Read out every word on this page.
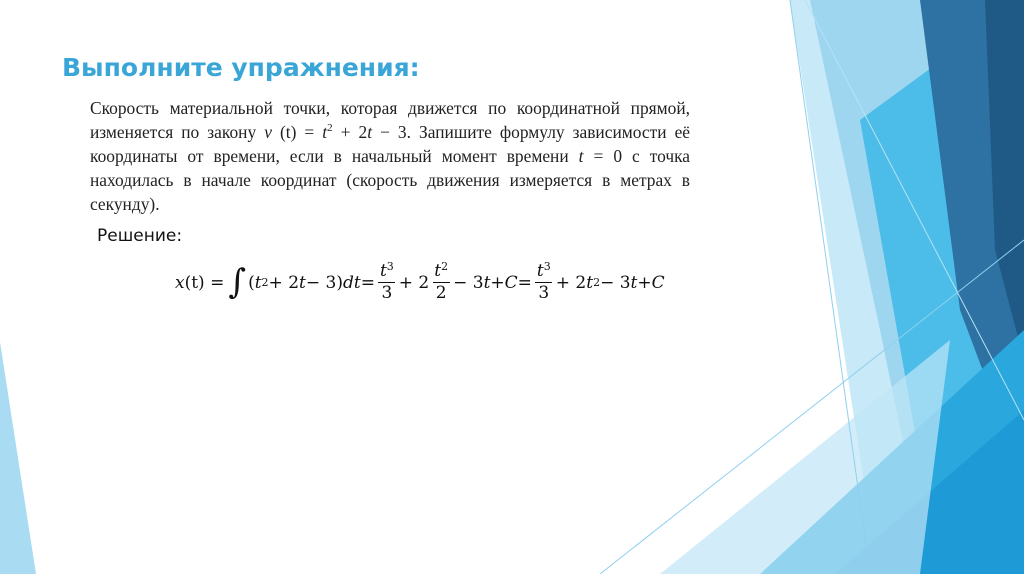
Выполните упражнения:

Скорость материальной точки, которая движется по координатной прямой, изменяется по закону v $(t) = t^2 + 2t - 3$. Запишите формулу зависимости её координаты от времени, если в начальный момент времени t = 0 с точка находилась в начале координат (скорость движения измеряется в метрах в секунду).

Решение:
x (t) = ∫ ( t 2 + 2 t − 3) dt = $\frac{t^3}{3} + 2 \frac{t^2}{2} - 3$ $t + C = \frac{t^3}{3} + 2$ t 2 − 3 t + C
